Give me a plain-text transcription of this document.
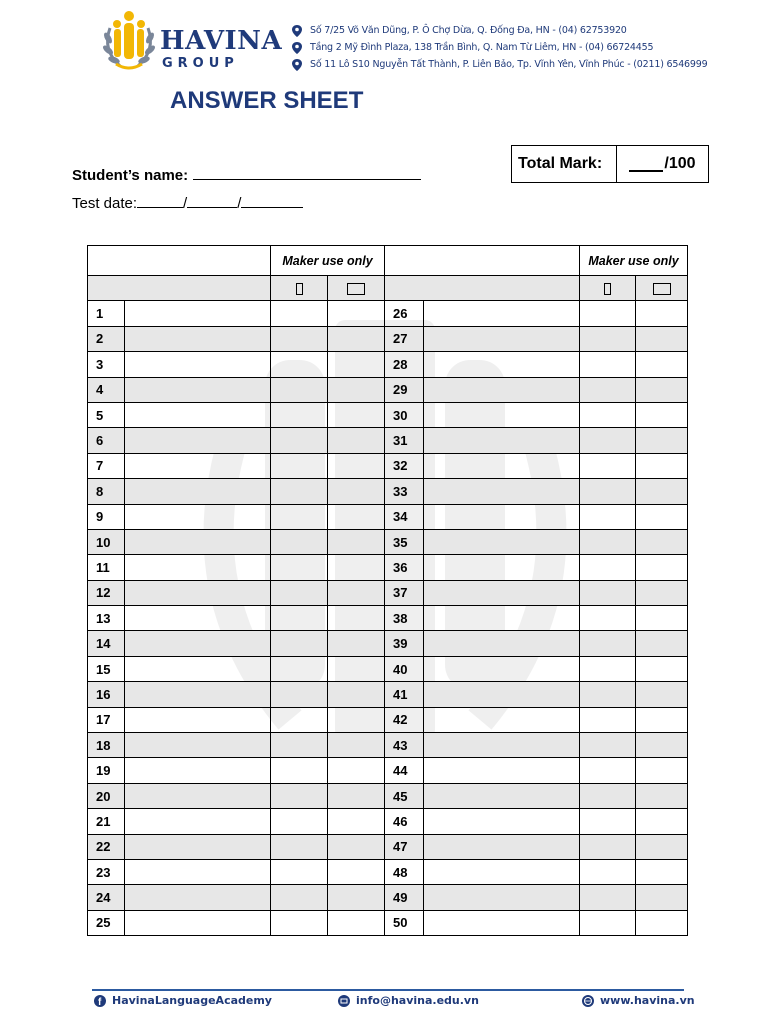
HAVINA
GROUP
Số 7/25 Võ Văn Dũng, P. Ô Chợ Dừa, Q. Đống Đa, HN - (04) 62753920
Tầng 2 Mỹ Đình Plaza, 138 Trần Bình, Q. Nam Từ Liêm, HN - (04) 66724455
Số 11 Lô S10 Nguyễn Tất Thành, P. Liên Bảo, Tp. Vĩnh Yên, Vĩnh Phúc - (0211) 6546999
ANSWER SHEET
Total Mark:	/100
Student’s name:
Test date:	/	/
		Maker use only				Maker use only	

1				26			
2				27			
3				28			
4				29			
5				30			
6				31			
7				32			
8				33			
9				34			
10				35			
11				36			
12				37			
13				38			
14				39			
15				40			
16				41			
17				42			
18				43			
19				44			
20				45			
21				46			
22				47			
23				48			
24				49			
25				50			
f HavinaLanguageAcademy	info@havina.edu.vn	www.havina.vn
